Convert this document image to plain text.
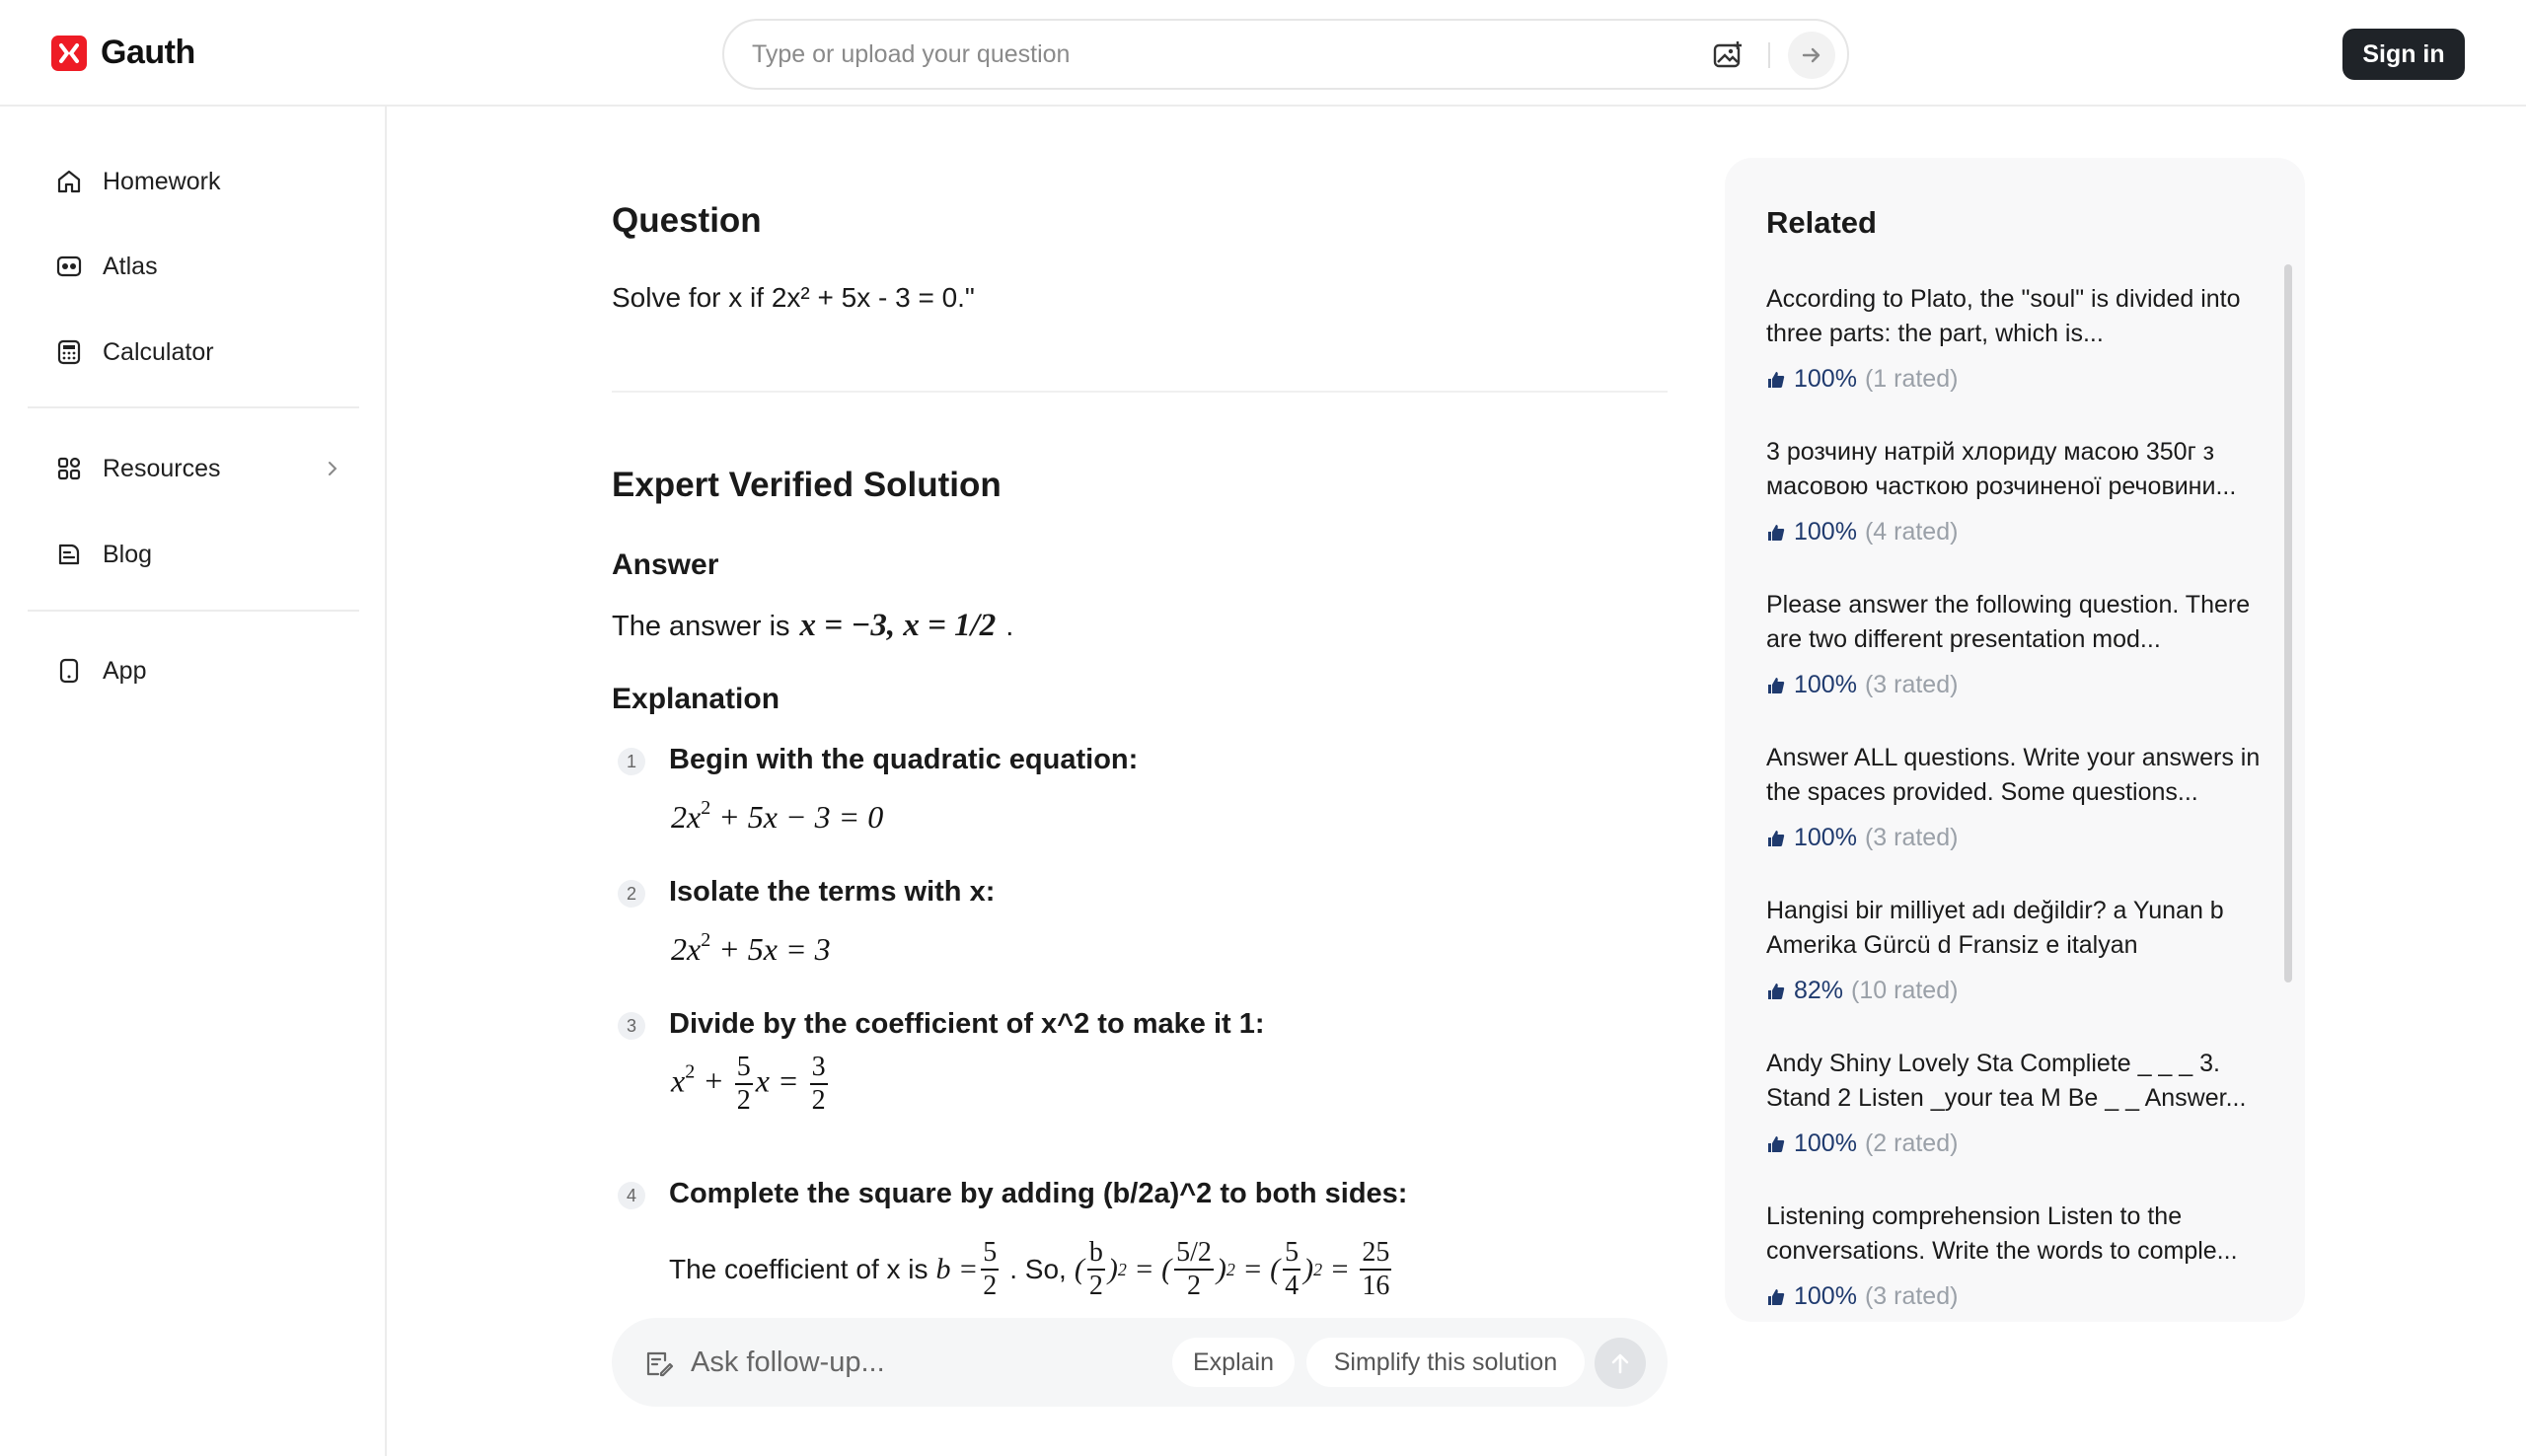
Gauth
Type or upload your question	Sign in
Homework
Atlas
Calculator
Resources
Blog
App
Question
Solve for x if 2x² + 5x - 3 = 0."
Expert Verified Solution
Answer
The answer is x = −3, x = 1/2 .
Explanation
1	Begin with the quadratic equation:
$2x^2 + 5x - 3 = 0$
2	Isolate the terms with x:
$2x^2 + 5x = 3$
3	Divide by the coefficient of x^2 to make it 1:
$x^2 + \frac{5}{2}$ $x = \frac{3}{2}$
4	Complete the square by adding (b/2a)^2 to both sides:
The coefficient of x is $b = \frac{5}{2}$ . So, ( $\frac{b}{2}$ ) 2 = ( $\frac{5/2}{2}$ ) 2 = ( $\frac{5}{4}$ ) $2 = \frac{25}{16}$
Ask follow-up...
Explain	Simplify this solution
Related
According to Plato, the "soul" is divided into three parts: the part, which is...
100% (1 rated)
3 розчину натрій хлориду масою 350г з масовою часткою розчиненої речовини...
100% (4 rated)
Please answer the following question. There are two different presentation mod...
100% (3 rated)
Answer ALL questions. Write your answers in the spaces provided. Some questions...
100% (3 rated)
Hangisi bir milliyet adı değildir? a Yunan b Amerika Gürcü d Fransiz e italyan
82% (10 rated)
Andy Shiny Lovely Sta Compliete _ _ _ 3. Stand 2 Listen _your tea M Be _ _ Answer...
100% (2 rated)
Listening comprehension Listen to the conversations. Write the words to comple...
100% (3 rated)
